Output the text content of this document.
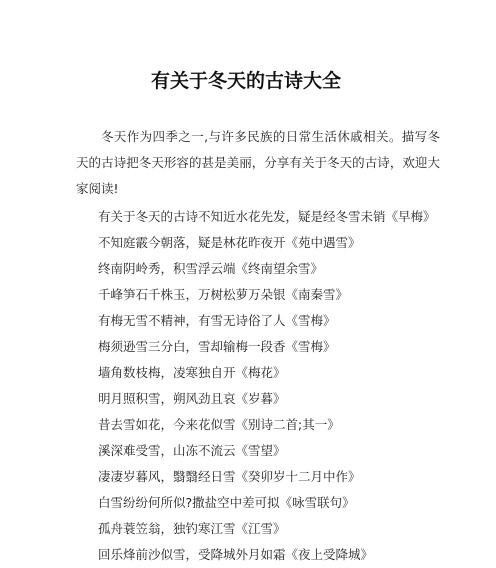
有关于冬天的古诗大全

冬天作为四季之一,与许多民族的日常生活休戚相关。描写冬天的古诗把冬天形容的甚是美丽，分享有关于冬天的古诗，欢迎大家阅读!

有关于冬天的古诗不知近水花先发，疑是经冬雪未销《早梅》
不知庭霰今朝落，疑是林花昨夜开《苑中遇雪》
终南阴岭秀，积雪浮云端《终南望余雪》
千峰笋石千株玉，万树松萝万朵银《南秦雪》
有梅无雪不精神，有雪无诗俗了人《雪梅》
梅须逊雪三分白，雪却输梅一段香《雪梅》
墙角数枝梅，凌寒独自开《梅花》
明月照积雪，朔风劲且哀《岁暮》
昔去雪如花，今来花似雪《别诗二首;其一》
溪深难受雪，山冻不流云《雪望》
凄凄岁暮风，翳翳经日雪《癸卯岁十二月中作》
白雪纷纷何所似?撒盐空中差可拟《咏雪联句》
孤舟蓑笠翁，独钓寒江雪《江雪》
回乐烽前沙似雪，受降城外月如霜《夜上受降城》
